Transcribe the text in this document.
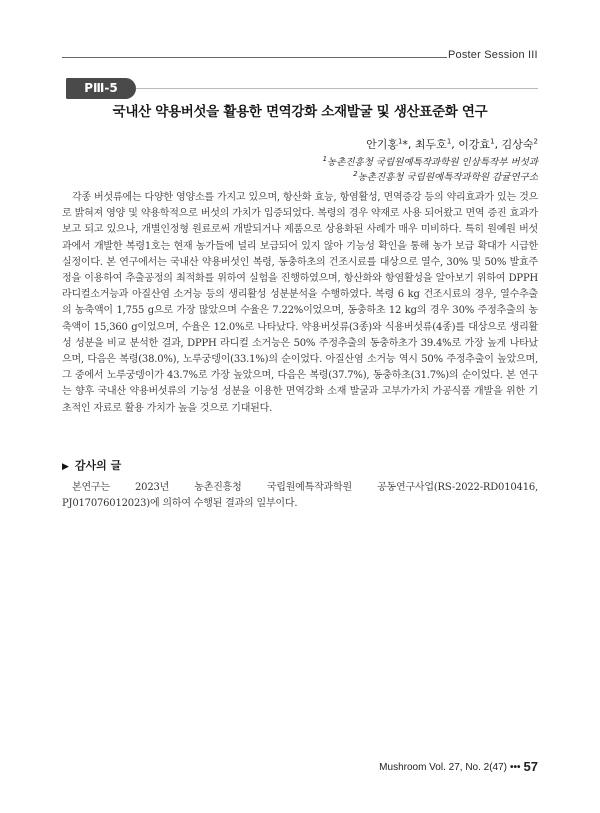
Poster Session III
PⅢ-5
국내산 약용버섯을 활용한 면역강화 소재발굴 및 생산표준화 연구
안기홍$^1$*, 최두호$^1$, 이강효$^1$, 김상숙$^2$
$^1$농촌진흥청 국립원예특작과학원 인삼특작부 버섯과
$^2$농촌진흥청 국립원예특작과학원 감귤연구소

각종 버섯류에는 다양한 영양소를 가지고 있으며, 항산화 효능, 항염활성, 면역증강 등의 약리효과가 있는 것으로 밝혀져 영양 및 약용학적으로 버섯의 가치가 입증되었다. 복령의 경우 약재로 사용 되어왔고 면역 증진 효과가 보고 되고 있으나, 개별인정형 원료로써 개발되거나 제품으로 상용화된 사례가 매우 미비하다. 특히 원예원 버섯과에서 개발한 복령1호는 현재 농가들에 널리 보급되어 있지 않아 기능성 확인을 통해 농가 보급 확대가 시급한 실정이다. 본 연구에서는 국내산 약용버섯인 복령, 동충하초의 건조시료를 대상으로 열수, 30% 및 50% 발효주정을 이용하여 추출공정의 최적화를 위하여 실험을 진행하였으며, 항산화와 항염활성을 알아보기 위하여 DPPH 라디컬소거능과 아질산염 소거능 등의 생리활성 성분분석을 수행하였다. 복령 6 kg 건조시료의 경우, 열수추출의 농축액이 1,755 g으로 가장 많았으며 수율은 7.22%이었으며, 동충하초 12 kg의 경우 30% 주정추출의 농축액이 15,360 g이었으며, 수율은 12.0%로 나타났다. 약용버섯류(3종)와 식용버섯류(4종)를 대상으로 생리활성 성분을 비교 분석한 결과, DPPH 라디컬 소거능은 50% 주정추출의 동충하초가 39.4%로 가장 높게 나타났으며, 다음은 복령(38.0%), 노루궁뎅이(33.1%)의 순이었다. 아질산염 소거능 역시 50% 주정추출이 높았으며, 그 중에서 노루궁뎅이가 43.7%로 가장 높았으며, 다음은 복령(37.7%), 동충하초(31.7%)의 순이었다. 본 연구는 향후 국내산 약용버섯류의 기능성 성분을 이용한 면역강화 소재 발굴과 고부가가치 가공식품 개발을 위한 기초적인 자료로 활용 가치가 높을 것으로 기대된다.

▶ 감사의 글

본연구는 2023년 농촌진흥청 국립원예특작과학원 공동연구사업(RS-2022-RD010416, PJ017076012023)에 의하여 수행된 결과의 일부이다.

Mushroom Vol. 27, No. 2(47) ••• 57
